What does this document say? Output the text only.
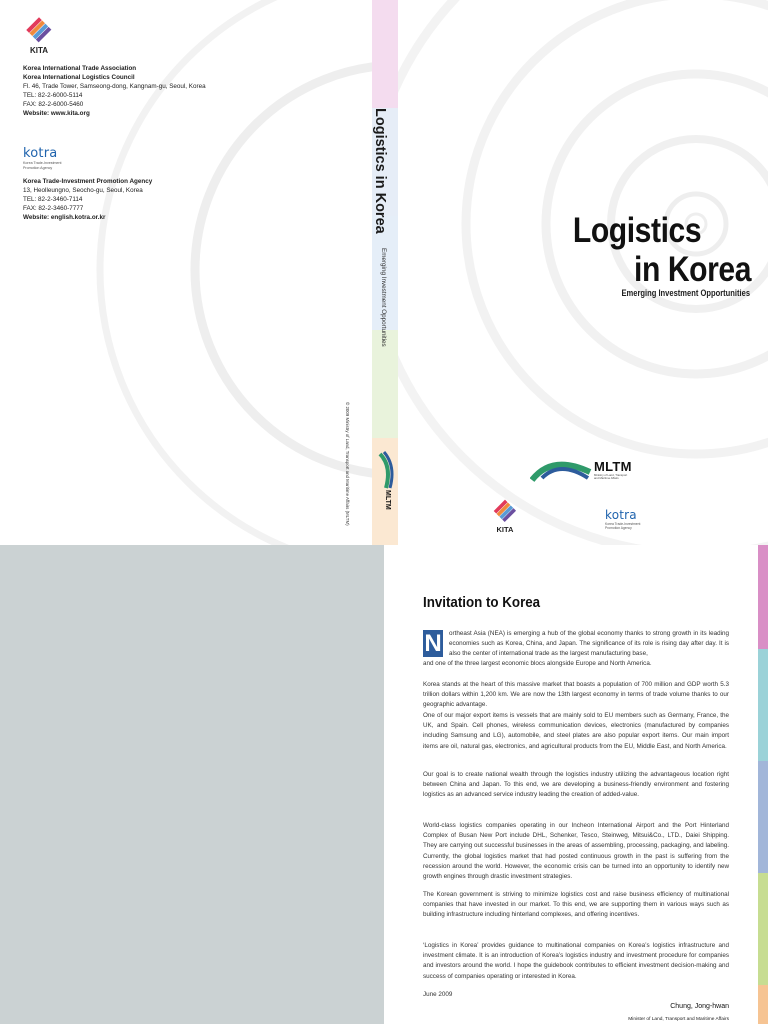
KITA
Korea International Trade Association
Korea International Logistics Council
Fl. 46, Trade Tower, Samseong-dong, Kangnam-gu, Seoul, Korea
TEL: 82-2-6000-5114
FAX: 82-2-6000-5460
Website: www.kita.org
kotra
Korea Trade-Investment
Promotion Agency
Korea Trade-Investment Promotion Agency
13, Heolleungno, Seocho-gu, Seoul, Korea
TEL: 82-2-3460-7114
FAX: 82-2-3460-7777
Website: english.kotra.or.kr
© 2009 Ministry of Land, Transport and Maritime Affairs (MLTM)
Logistics in Korea
Emerging Investment Opportunities
MLTM
Logistics
in Korea
Emerging Investment Opportunities
MLTM
Ministry of Land, Transport and Maritime Affairs
KITA
kotra
Korea Trade-Investment
Promotion Agency
Invitation to Korea
N ortheast Asia (NEA) is emerging a hub of the global economy thanks to strong growth in its leading economies such as Korea, China, and Japan. The significance of its role is rising day after day. It is also the center of international trade as the largest manufacturing base,
and one of the three largest economic blocs alongside Europe and North America.
Korea stands at the heart of this massive market that boasts a population of 700 million and GDP worth 5.3 trillion dollars within 1,200 km. We are now the 13th largest economy in terms of trade volume thanks to our geographic advantage.
One of our major export items is vessels that are mainly sold to EU members such as Germany, France, the UK, and Spain. Cell phones, wireless communication devices, electronics (manufactured by companies including Samsung and LG), automobile, and steel plates are also popular export items. Our main import items are oil, natural gas, electronics, and agricultural products from the EU, Middle East, and North America.
Our goal is to create national wealth through the logistics industry utilizing the advantageous location right between China and Japan. To this end, we are developing a business-friendly environment and fostering logistics as an advanced service industry leading the creation of added-value.
World-class logistics companies operating in our Incheon International Airport and the Port Hinterland Complex of Busan New Port include DHL, Schenker, Tesco, Steinweg, Mitsui&Co., LTD., Daiei Shipping. They are carrying out successful businesses in the areas of assembling, processing, packaging, and labeling. Currently, the global logistics market that had posted continuous growth in the past is suffering from the recession around the world. However, the economic crisis can be turned into an opportunity to identify new growth engines through drastic investment strategies.
The Korean government is striving to minimize logistics cost and raise business efficiency of multinational companies that have invested in our market. To this end, we are supporting them in various ways such as building infrastructure including hinterland complexes, and offering incentives.
‘Logistics in Korea’ provides guidance to multinational companies on Korea’s logistics infrastructure and investment climate. It is an introduction of Korea’s logistics industry and investment procedure for companies and investors around the world. I hope the guidebook contributes to efficient investment decision-making and success of companies operating or interested in Korea.
June 2009
Chung, Jong-hwan
Minister of Land, Transport and Maritime Affairs
